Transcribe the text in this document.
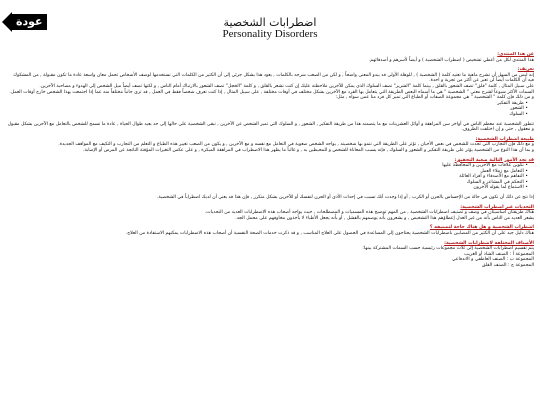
عودة	اضطرابات الشخصية
Personality Disorders
عن هذا المنتدى:
هذا المنتدى لكل من أعطي تشخيص ( اضطراب الشخصية ) و أيضاً لأسرهم و أصدقائهم.
تعريف:
إنه ليس من السهل أن تشرح ماهية ما تعنيه كلمة ( الشخصية ) , للوهلة الأولى قد يبدو المعنى واضحاً , و لكن من الصعب شرحه بالكلمات , يعود هذا بشكل جزئي إلى أن الكثير من الكلمات التي نستخدمها لوصف الأشخاص تحمل معان واسعة عادة ما تكون مقبولة , من المشكوك فيه أن الكلمات أيضاً لن تعبر عن أكثر من تجربة و احدة.
على سبيل المثال , كلمة "قلق" تصف الشعور بالقلق , بينما كلمة "الشرير" تصف السلوك الذي يمكن للآخرين ملاحظته عليك إن كنت تشعر بالقلق , و كلمة "الخجل" تصف الشعور بالارتباك أمام الناس , و لكنها تصف أيضاً ميل الشخص إلى الهدوء و مصاحبة الآخرين.
السمات الأكثر شيوعاً لشرح معنى " الشخصية " هي ما أسماه البعض الطريقة التي يتعامل بها الفرد مع الآخرين بشكل مختلف في أوقات مختلفة , على سبيل المثال , إذا كنت تعرف شخصاً فقط في العمل , قد ترى جانباً مختلفاً منه عما إذا اجتمعت بهذا الشخص خارج أوقات العمل.
و من ذلك فإن كلمة " الشخصية " هي مجموعة الصفات أو الطباع التي تميز كل فرد منا عمن سواه , مثل:
• طريقة التفكير
• الشعور
• السلوك
تتطور الشخصية عند معظم الناس في أواخر سن المراهقة و أوائل العشرينات مع ما يتضمنه هذا من طريقة التفكير , الشعور , و السلوك التي تميز الشخص عن الآخرين , تبقى الشخصية على حالها إلى حد بعيد طوال الحياة , عادة ما تسمح للشخص بالتعامل مع الآخرين بشكل مقبول و معقول , حتى و إن اختلفت الظروف.
طبيعة اضطراب الشخصية:
و مع ذلك فإن التجارب التي تحدث للشخص في بعض الأحيان , تؤثر على الطريقة التي تنمو بها شخصيته , يواجه الشخص صعوبة في التعامل مع نفسه و مع الآخرين , و يكون من الصعب تغيير هذه الطباع و التعلم من التجارب و التكيف مع المواقف الجديدة.
و بما أن هذا النوع من الشخصية يؤثر على طريقة التفكير و الشعور و السلوك , فإنه يسبب المعاناة للشخص و للمحيطين به , و غالباً ما يظهر هذا الاضطراب في المراهقة المبكرة , و على عكس التغيرات المؤقتة الناتجة عن المرض أو الإصابة.
قد تجد الأمور التالية صعبة التحقيق:
• تكوين علاقات مع الآخرين و المحافظة عليها
• التعامل مع زملاء العمل
• التفاهم مع الأصدقاء و أفراد العائلة
• التحكم في المشاعر و السلوك
• الاستماع لما يقوله الآخرون
إذا نتج عن ذلك أن تكون في حالة من الإحساس بالحزن أو الكرب , أو إذا وجدت أنك تسبب في إحداث الأذى أو الحزن لنفسك أو للآخرين بشكل متكرر , فإن هذا قد يعني أن لديك اضطراباً في الشخصية.
التحديات عبر اضطراب الشخصية:
هناك طريقتان أساسيتان في وصف و تصنيف اضطرابات الشخصية , من المهم توضيح هذه المسميات و المصطلحات , حيث يواجه أصحاب هذه الاضطرابات العديد من التحديات.
يشعر العديد من الناس بأنه من غير العدل إعطاؤهم هذا التشخيص , و يشعرون بأنه يوصمهم بالفشل , أو بأنه يجعل الأطباء لا يأخذون مخاوفهم على محمل الجد.
اضطراب الشخصية و هل هناك حاجة لتصنيفه ؟
هناك دليل جيد على أن الكثير من المصابين باضطرابات الشخصية يحتاجون إلى المساعدة في الحصول على العلاج المناسب , و قد ذكرت خدمات الصحة النفسية أن أصحاب هذه الاضطرابات يمكنهم الاستفادة من العلاج.
الأصناف المختلفة لاضطرابات الشخصية:
يتم تقسيم اضطرابات الشخصية إلى ثلاث مجموعات رئيسية حسب السمات المشتركة بينها:
المجموعة أ : الصنف الشاذ أو الغريب
المجموعة ب : الصنف العاطفي و الاندفاعي
المجموعة ج : الصنف القلق
